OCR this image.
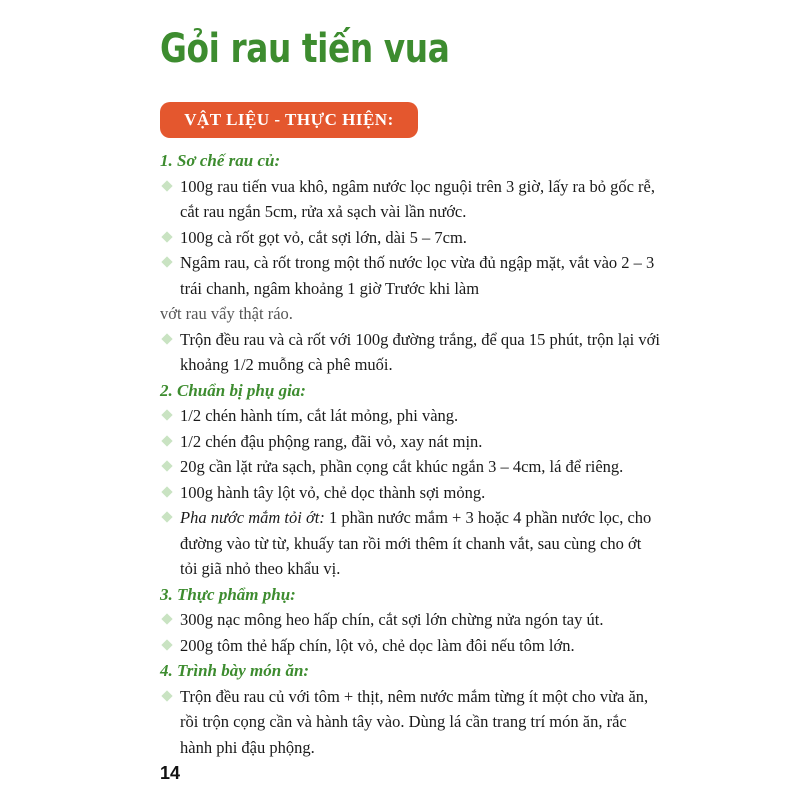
Gỏi rau tiến vua
VẬT LIỆU - THỰC HIỆN:
1. Sơ chế rau củ:
100g rau tiến vua khô, ngâm nước lọc nguội trên 3 giờ, lấy ra bỏ gốc rễ, cắt rau ngắn 5cm, rửa xả sạch vài lần nước.
100g cà rốt gọt vỏ, cắt sợi lớn, dài 5 – 7cm.
Ngâm rau, cà rốt trong một thố nước lọc vừa đủ ngập mặt, vắt vào 2 – 3 trái chanh, ngâm khoảng 1 giờ Trước khi làm
vớt rau vẩy thật ráo.
Trộn đều rau và cà rốt với 100g đường trắng, để qua 15 phút, trộn lại với khoảng 1/2 muỗng cà phê muối.
2. Chuẩn bị phụ gia:
1/2 chén hành tím, cắt lát mỏng, phi vàng.
1/2 chén đậu phộng rang, đãi vỏ, xay nát mịn.
20g cần lặt rửa sạch, phần cọng cắt khúc ngắn 3 – 4cm, lá để riêng.
100g hành tây lột vỏ, chẻ dọc thành sợi mỏng.
Pha nước mắm tỏi ớt: 1 phần nước mắm + 3 hoặc 4 phần nước lọc, cho đường vào từ từ, khuấy tan rồi mới thêm ít chanh vắt, sau cùng cho ớt tỏi giã nhỏ theo khẩu vị.
3. Thực phẩm phụ:
300g nạc mông heo hấp chín, cắt sợi lớn chừng nửa ngón tay út.
200g tôm thẻ hấp chín, lột vỏ, chẻ dọc làm đôi nếu tôm lớn.
4. Trình bày món ăn:
Trộn đều rau củ với tôm + thịt, nêm nước mắm từng ít một cho vừa ăn, rồi trộn cọng cần và hành tây vào. Dùng lá cần trang trí món ăn, rắc hành phi đậu phộng.
14
